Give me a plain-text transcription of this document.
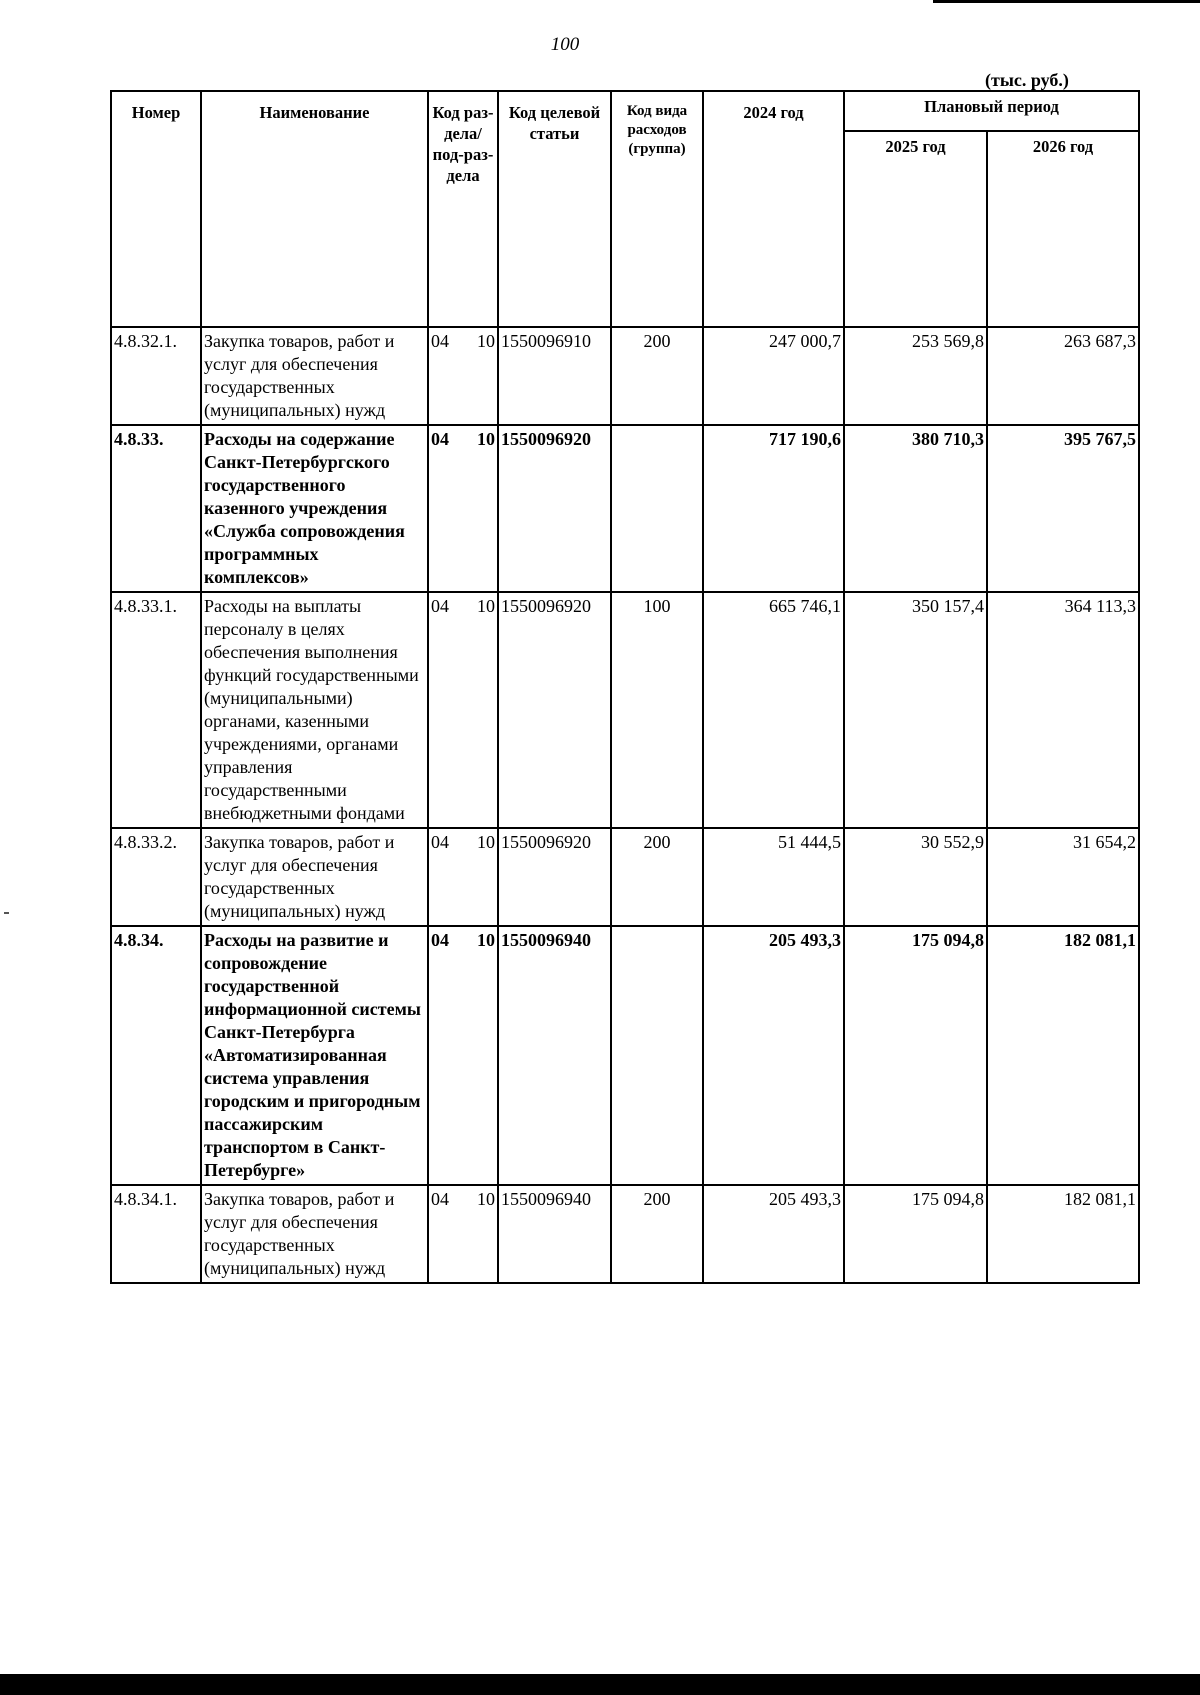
100
(тыс. руб.)
Номер	Наименование	Код раз-дела/ под-раз-дела	Код целевой статьи	Код вида расходов (группа)	2024 год	Плановый период	
						2025 год	2026 год
4.8.32.1.	Закупка товаров, работ и услуг для обеспечения государственных (муниципальных) нужд	04 10	1550096910	200	247 000,7	253 569,8	263 687,3
4.8.33.	Расходы на содержание Санкт-Петербургского государственного казенного учреждения «Служба сопровождения программных комплексов»	04 10	1550096920		717 190,6	380 710,3	395 767,5
4.8.33.1.	Расходы на выплаты персоналу в целях обеспечения выполнения функций государственными (муниципальными) органами, казенными учреждениями, органами управления государственными внебюджетными фондами	04 10	1550096920	100	665 746,1	350 157,4	364 113,3
4.8.33.2.	Закупка товаров, работ и услуг для обеспечения государственных (муниципальных) нужд	04 10	1550096920	200	51 444,5	30 552,9	31 654,2
4.8.34.	Расходы на развитие и сопровождение государственной информационной системы Санкт-Петербурга «Автоматизированная система управления городским и пригородным пассажирским транспортом в Санкт-Петербурге»	04 10	1550096940		205 493,3	175 094,8	182 081,1
4.8.34.1.	Закупка товаров, работ и услуг для обеспечения государственных (муниципальных) нужд	04 10	1550096940	200	205 493,3	175 094,8	182 081,1
